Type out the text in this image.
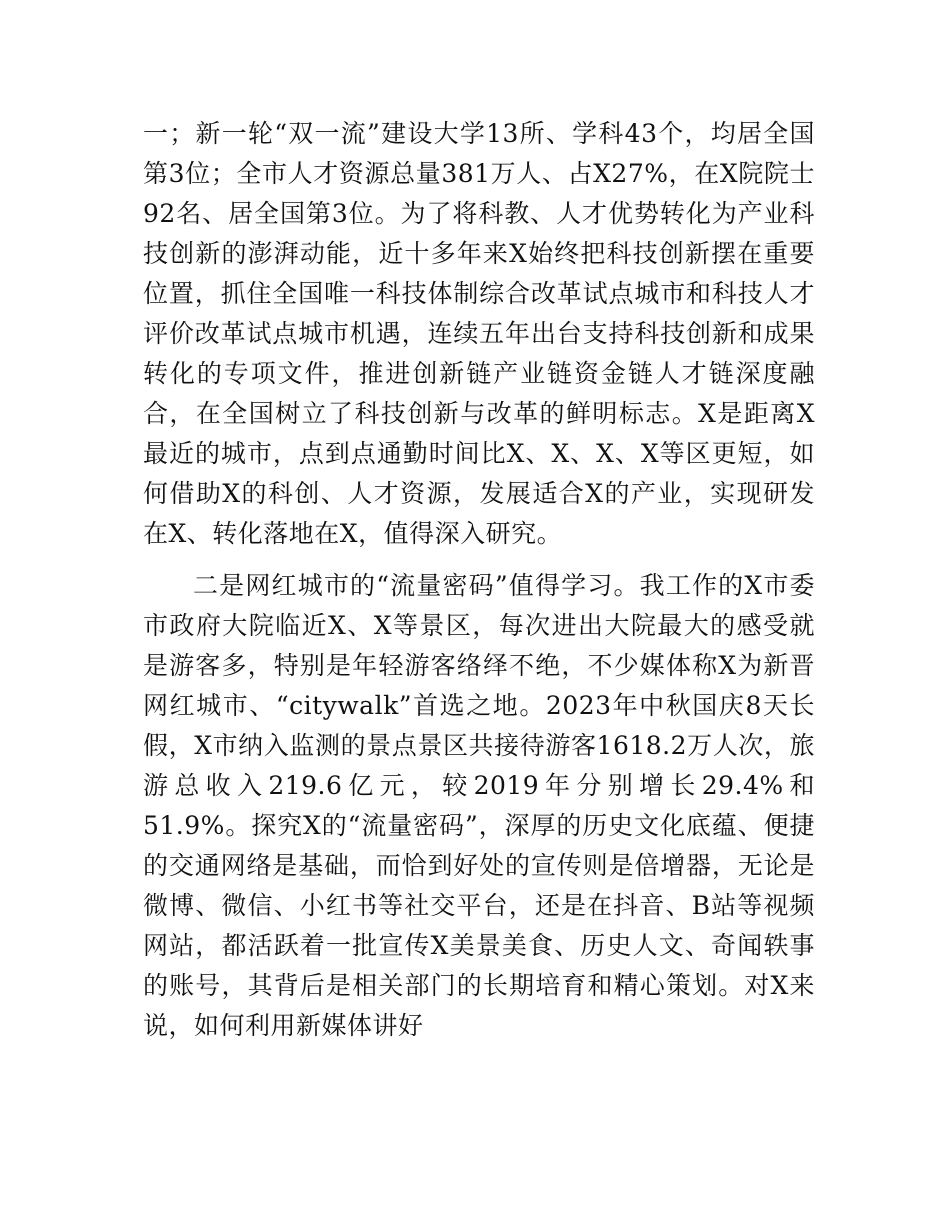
一；新一轮“双一流”建设大学13所、学科43个，均居全国第3位；全市人才资源总量381万人、占X27%，在X院院士92名、居全国第3位。为了将科教、人才优势转化为产业科技创新的澎湃动能，近十多年来X始终把科技创新摆在重要位置，抓住全国唯一科技体制综合改革试点城市和科技人才评价改革试点城市机遇，连续五年出台支持科技创新和成果转化的专项文件，推进创新链产业链资金链人才链深度融合，在全国树立了科技创新与改革的鲜明标志。X是距离X最近的城市，点到点通勤时间比X、X、X、X等区更短，如何借助X的科创、人才资源，发展适合X的产业，实现研发在X、转化落地在X，值得深入研究。

二是网红城市的“流量密码”值得学习。我工作的X市委市政府大院临近X、X等景区，每次进出大院最大的感受就是游客多，特别是年轻游客络绎不绝，不少媒体称X为新晋网红城市、“citywalk”首选之地。2023年中秋国庆8天长假，X市纳入监测的景点景区共接待游客1618.2万人次，旅游总收入219.6亿元，较2019年分别增长29.4%和51.9%。探究X的“流量密码”，深厚的历史文化底蕴、便捷的交通网络是基础，而恰到好处的宣传则是倍增器，无论是微博、微信、小红书等社交平台，还是在抖音、B站等视频网站，都活跃着一批宣传X美景美食、历史人文、奇闻轶事的账号，其背后是相关部门的长期培育和精心策划。对X来说，如何利用新媒体讲好
